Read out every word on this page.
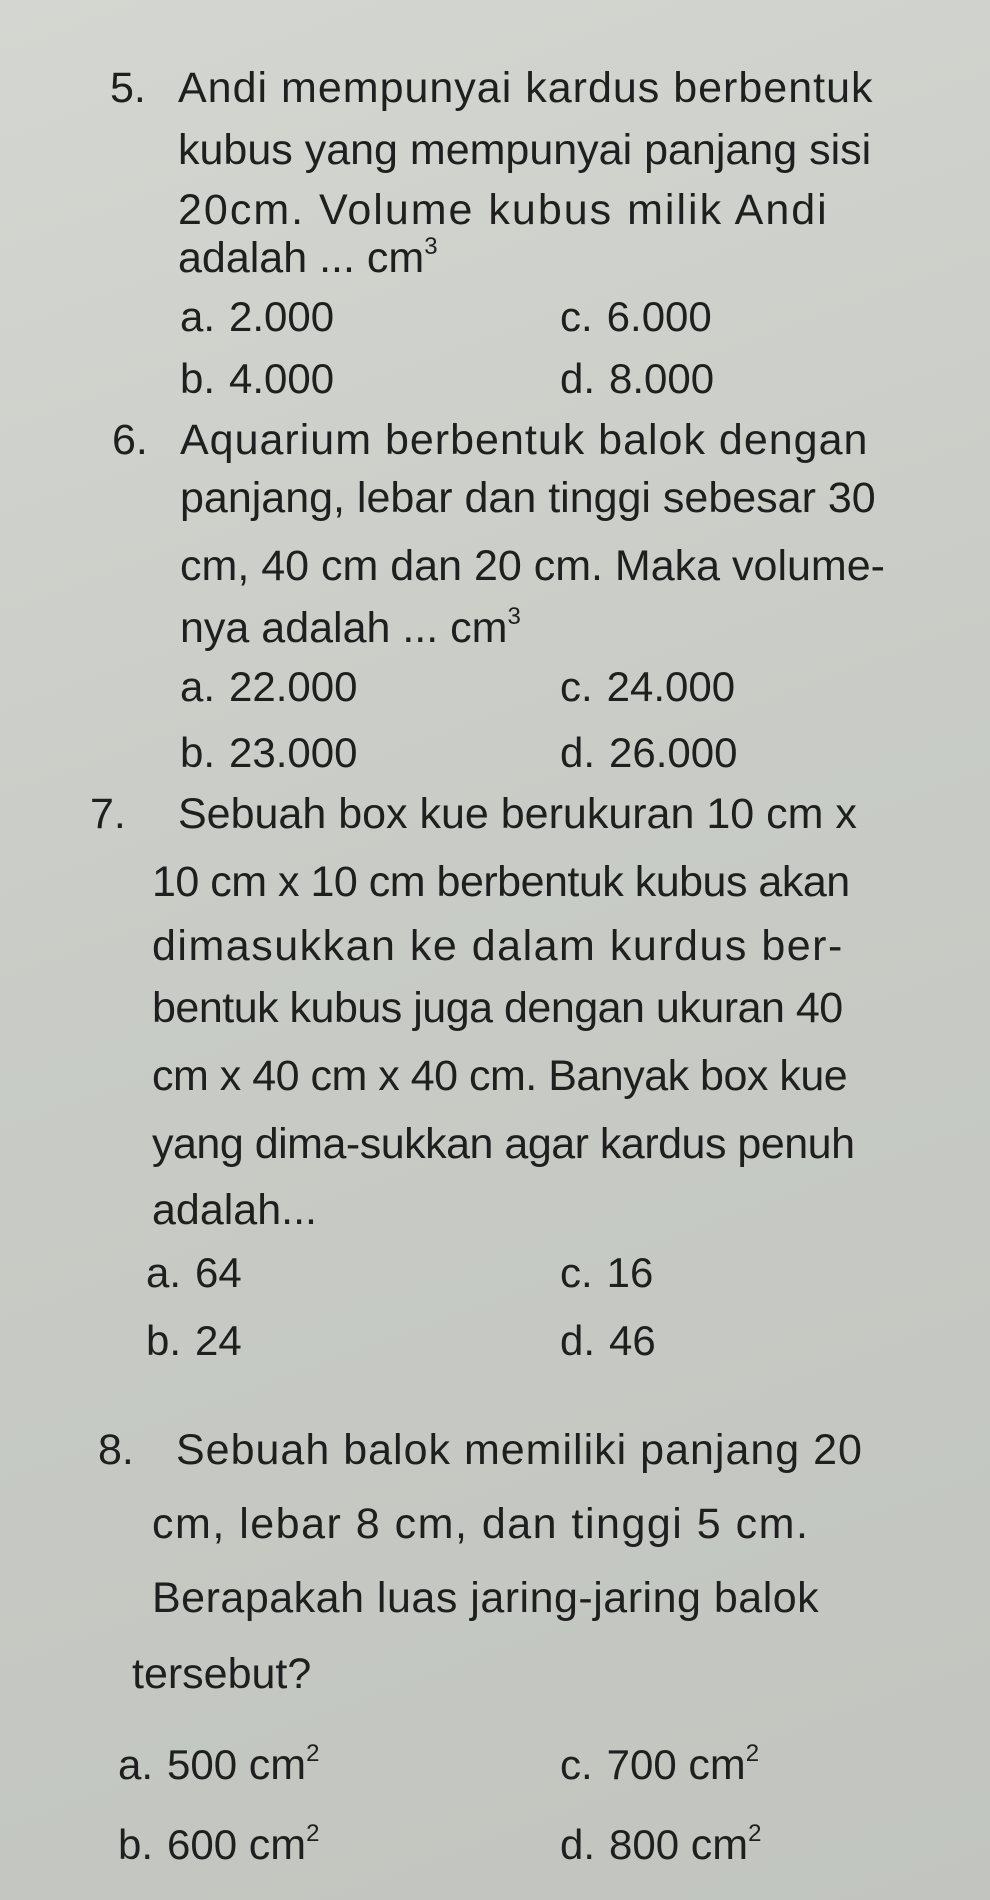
5. Andi mempunyai kardus berbentuk
kubus yang mempunyai panjang sisi
20cm. Volume kubus milik Andi
adalah ... $cm^3$
a. 2.000
b. 4.000
c. 6.000
d. 8.000
6. Aquarium berbentuk balok dengan
panjang, lebar dan tinggi sebesar 30
cm, 40 cm dan 20 cm. Maka volume-
nya adalah ... $cm^3$
a. 22.000
b. 23.000
c. 24.000
d. 26.000
7. Sebuah box kue berukuran 10 cm x
10 cm x 10 cm berbentuk kubus akan
dimasukkan ke dalam kurdus ber-
bentuk kubus juga dengan ukuran 40
cm x 40 cm x 40 cm. Banyak box kue
yang dima-sukkan agar kardus penuh
adalah...
a. 64
b. 24
c. 16
d. 46
8. Sebuah balok memiliki panjang 20
cm, lebar 8 cm, dan tinggi 5 cm.
Berapakah luas jaring-jaring balok
tersebut?
a. 500 $cm^2$
b. 600 $cm^2$
c. 700 $cm^2$
d. 800 $cm^2$
